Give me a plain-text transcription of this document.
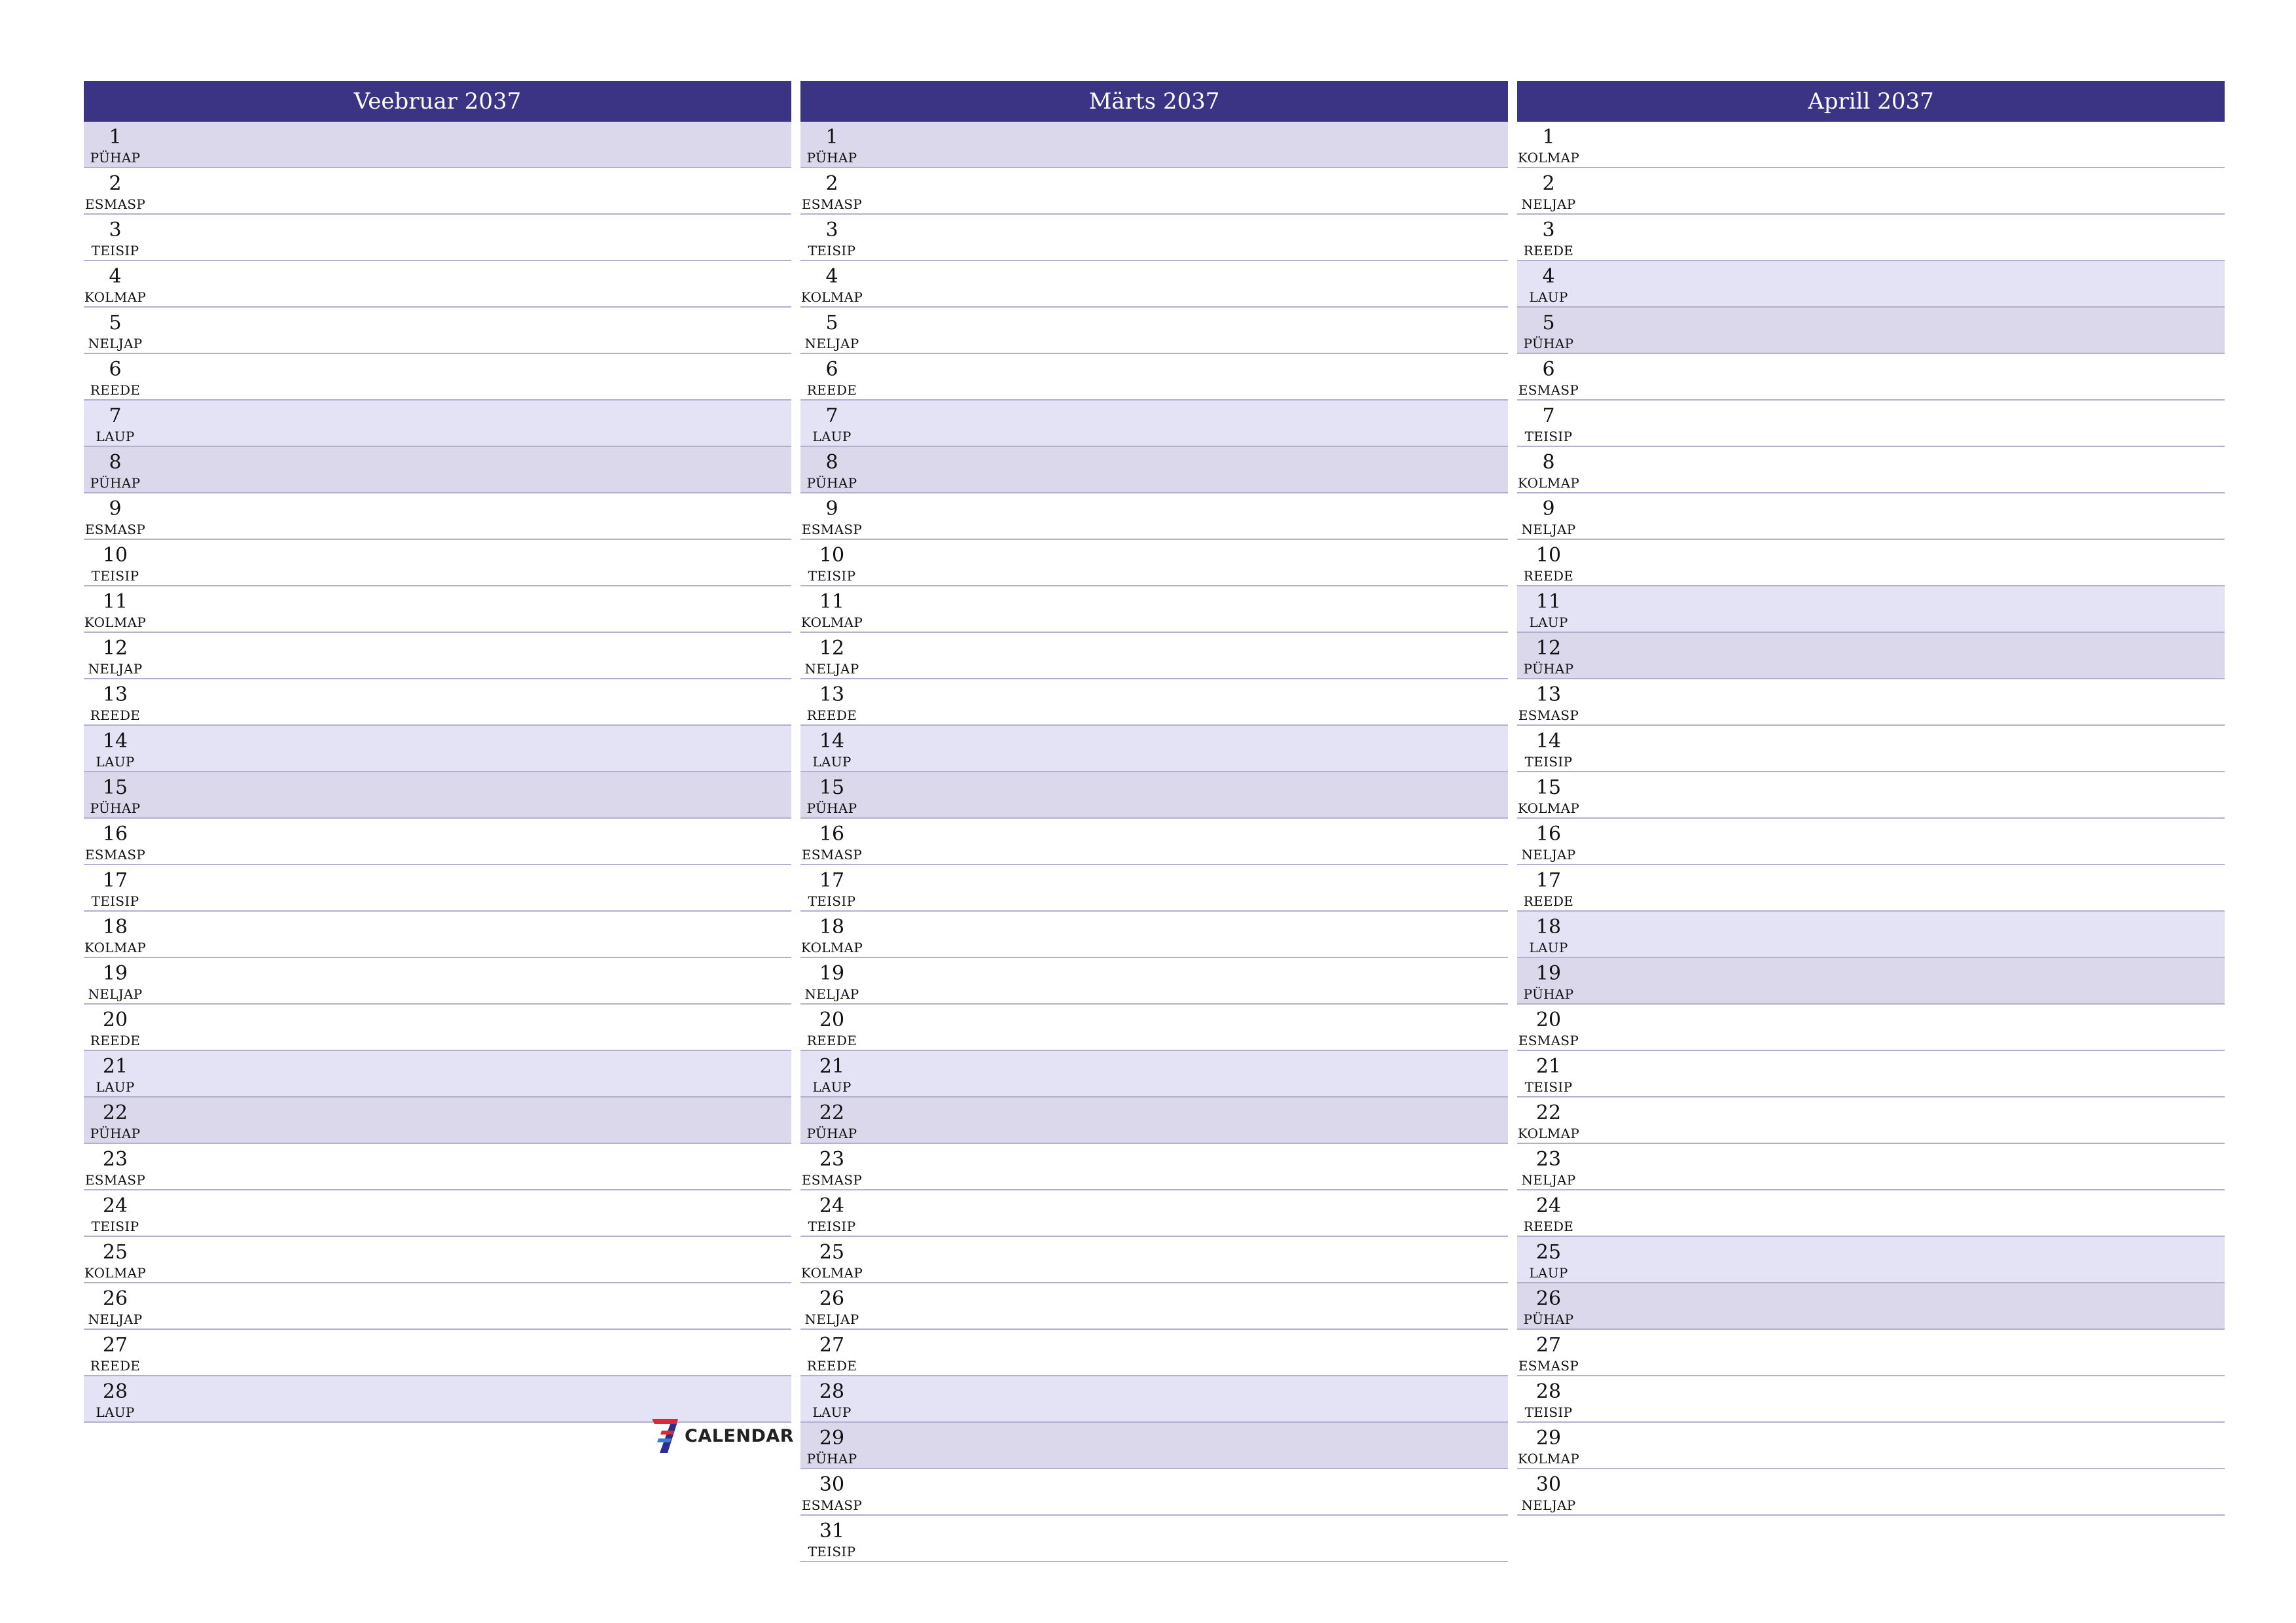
Veebruar 2037
1
PÜHAP
2
ESMASP
3
TEISIP
4
KOLMAP
5
NELJAP
6
REEDE
7
LAUP
8
PÜHAP
9
ESMASP
10
TEISIP
11
KOLMAP
12
NELJAP
13
REEDE
14
LAUP
15
PÜHAP
16
ESMASP
17
TEISIP
18
KOLMAP
19
NELJAP
20
REEDE
21
LAUP
22
PÜHAP
23
ESMASP
24
TEISIP
25
KOLMAP
26
NELJAP
27
REEDE
28
LAUP
Märts 2037
1
PÜHAP
2
ESMASP
3
TEISIP
4
KOLMAP
5
NELJAP
6
REEDE
7
LAUP
8
PÜHAP
9
ESMASP
10
TEISIP
11
KOLMAP
12
NELJAP
13
REEDE
14
LAUP
15
PÜHAP
16
ESMASP
17
TEISIP
18
KOLMAP
19
NELJAP
20
REEDE
21
LAUP
22
PÜHAP
23
ESMASP
24
TEISIP
25
KOLMAP
26
NELJAP
27
REEDE
28
LAUP
29
PÜHAP
30
ESMASP
31
TEISIP
Aprill 2037
1
KOLMAP
2
NELJAP
3
REEDE
4
LAUP
5
PÜHAP
6
ESMASP
7
TEISIP
8
KOLMAP
9
NELJAP
10
REEDE
11
LAUP
12
PÜHAP
13
ESMASP
14
TEISIP
15
KOLMAP
16
NELJAP
17
REEDE
18
LAUP
19
PÜHAP
20
ESMASP
21
TEISIP
22
KOLMAP
23
NELJAP
24
REEDE
25
LAUP
26
PÜHAP
27
ESMASP
28
TEISIP
29
KOLMAP
30
NELJAP
CALENDAR
